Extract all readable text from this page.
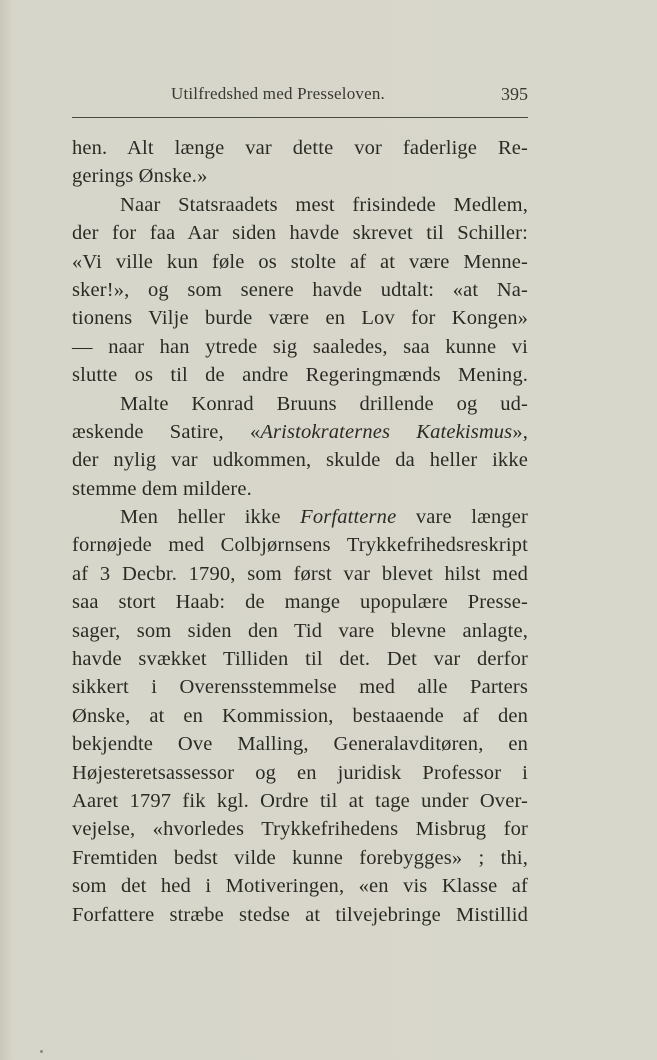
Utilfredshed med Presseloven.	395
hen. Alt længe var dette vor faderlige Re-
gerings Ønske.»
Naar Statsraadets mest frisindede Medlem,
der for faa Aar siden havde skrevet til Schiller:
«Vi ville kun føle os stolte af at være Menne-
sker!», og som senere havde udtalt: «at Na-
tionens Vilje burde være en Lov for Kongen»
— naar han ytrede sig saaledes, saa kunne vi
slutte os til de andre Regeringmænds Mening.
Malte Konrad Bruuns drillende og ud-
æskende Satire, «Aristokraternes Katekismus»,
der nylig var udkommen, skulde da heller ikke
stemme dem mildere.
Men heller ikke Forfatterne vare længer
fornøjede med Colbjørnsens Trykkefrihedsreskript
af 3 Decbr. 1790, som først var blevet hilst med
saa stort Haab: de mange upopulære Presse-
sager, som siden den Tid vare blevne anlagte,
havde svækket Tilliden til det. Det var derfor
sikkert i Overensstemmelse med alle Parters
Ønske, at en Kommission, bestaaende af den
bekjendte Ove Malling, Generalavditøren, en
Højesteretsassessor og en juridisk Professor i
Aaret 1797 fik kgl. Ordre til at tage under Over-
vejelse, «hvorledes Trykkefrihedens Misbrug for
Fremtiden bedst vilde kunne forebygges» ; thi,
som det hed i Motiveringen, «en vis Klasse af
Forfattere stræbe stedse at tilvejebringe Mistillid
